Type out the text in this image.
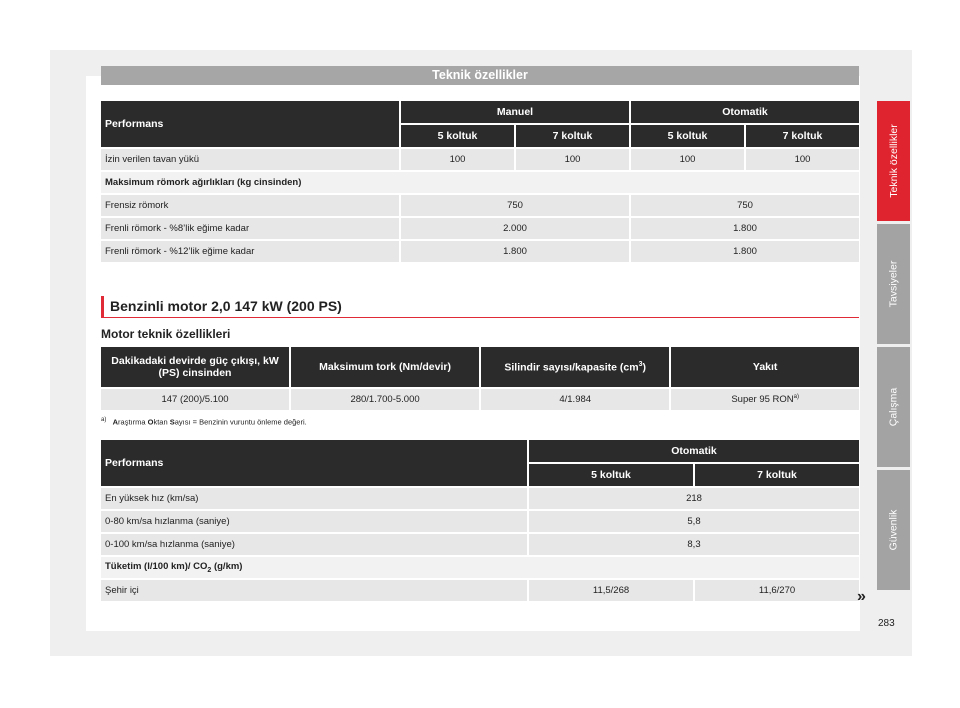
Teknik özellikler
Performans	Manuel		Otomatik	
	5 koltuk	7 koltuk	5 koltuk	7 koltuk
İzin verilen tavan yükü	100	100	100	100
Maksimum römork ağırlıkları (kg cinsinden)				
Frensiz römork	750		750	
Frenli römork - %8’lik eğime kadar	2.000		1.800	
Frenli römork - %12’lik eğime kadar	1.800		1.800	
Benzinli motor 2,0 147 kW (200 PS)
Motor teknik özellikleri
Dakikadaki devirde güç çıkışı, kW (PS) cinsinden	Maksimum tork (Nm/devir)	Silindir sayısı/kapasite $(cm^3)$	Yakıt
147 (200)/5.100	280/1.700-5.000	4/1.984	Super 95 RON$^{a)}$
$^{a)}$ Araştırma Oktan Sayısı = Benzinin vuruntu önleme değeri.
Performans	Otomatik	
	5 koltuk	7 koltuk
En yüksek hız (km/sa)	218	
0-80 km/sa hızlanma (saniye)	5,8	
0-100 km/sa hızlanma (saniye)	8,3	
Tüketim (l/100 km)/ $CO_2$ (g/km)		
Şehir içi	11,5/268	11,6/270
Teknik özellikler
Tavsiyeler
Çalışma
Güvenlik
»
283
